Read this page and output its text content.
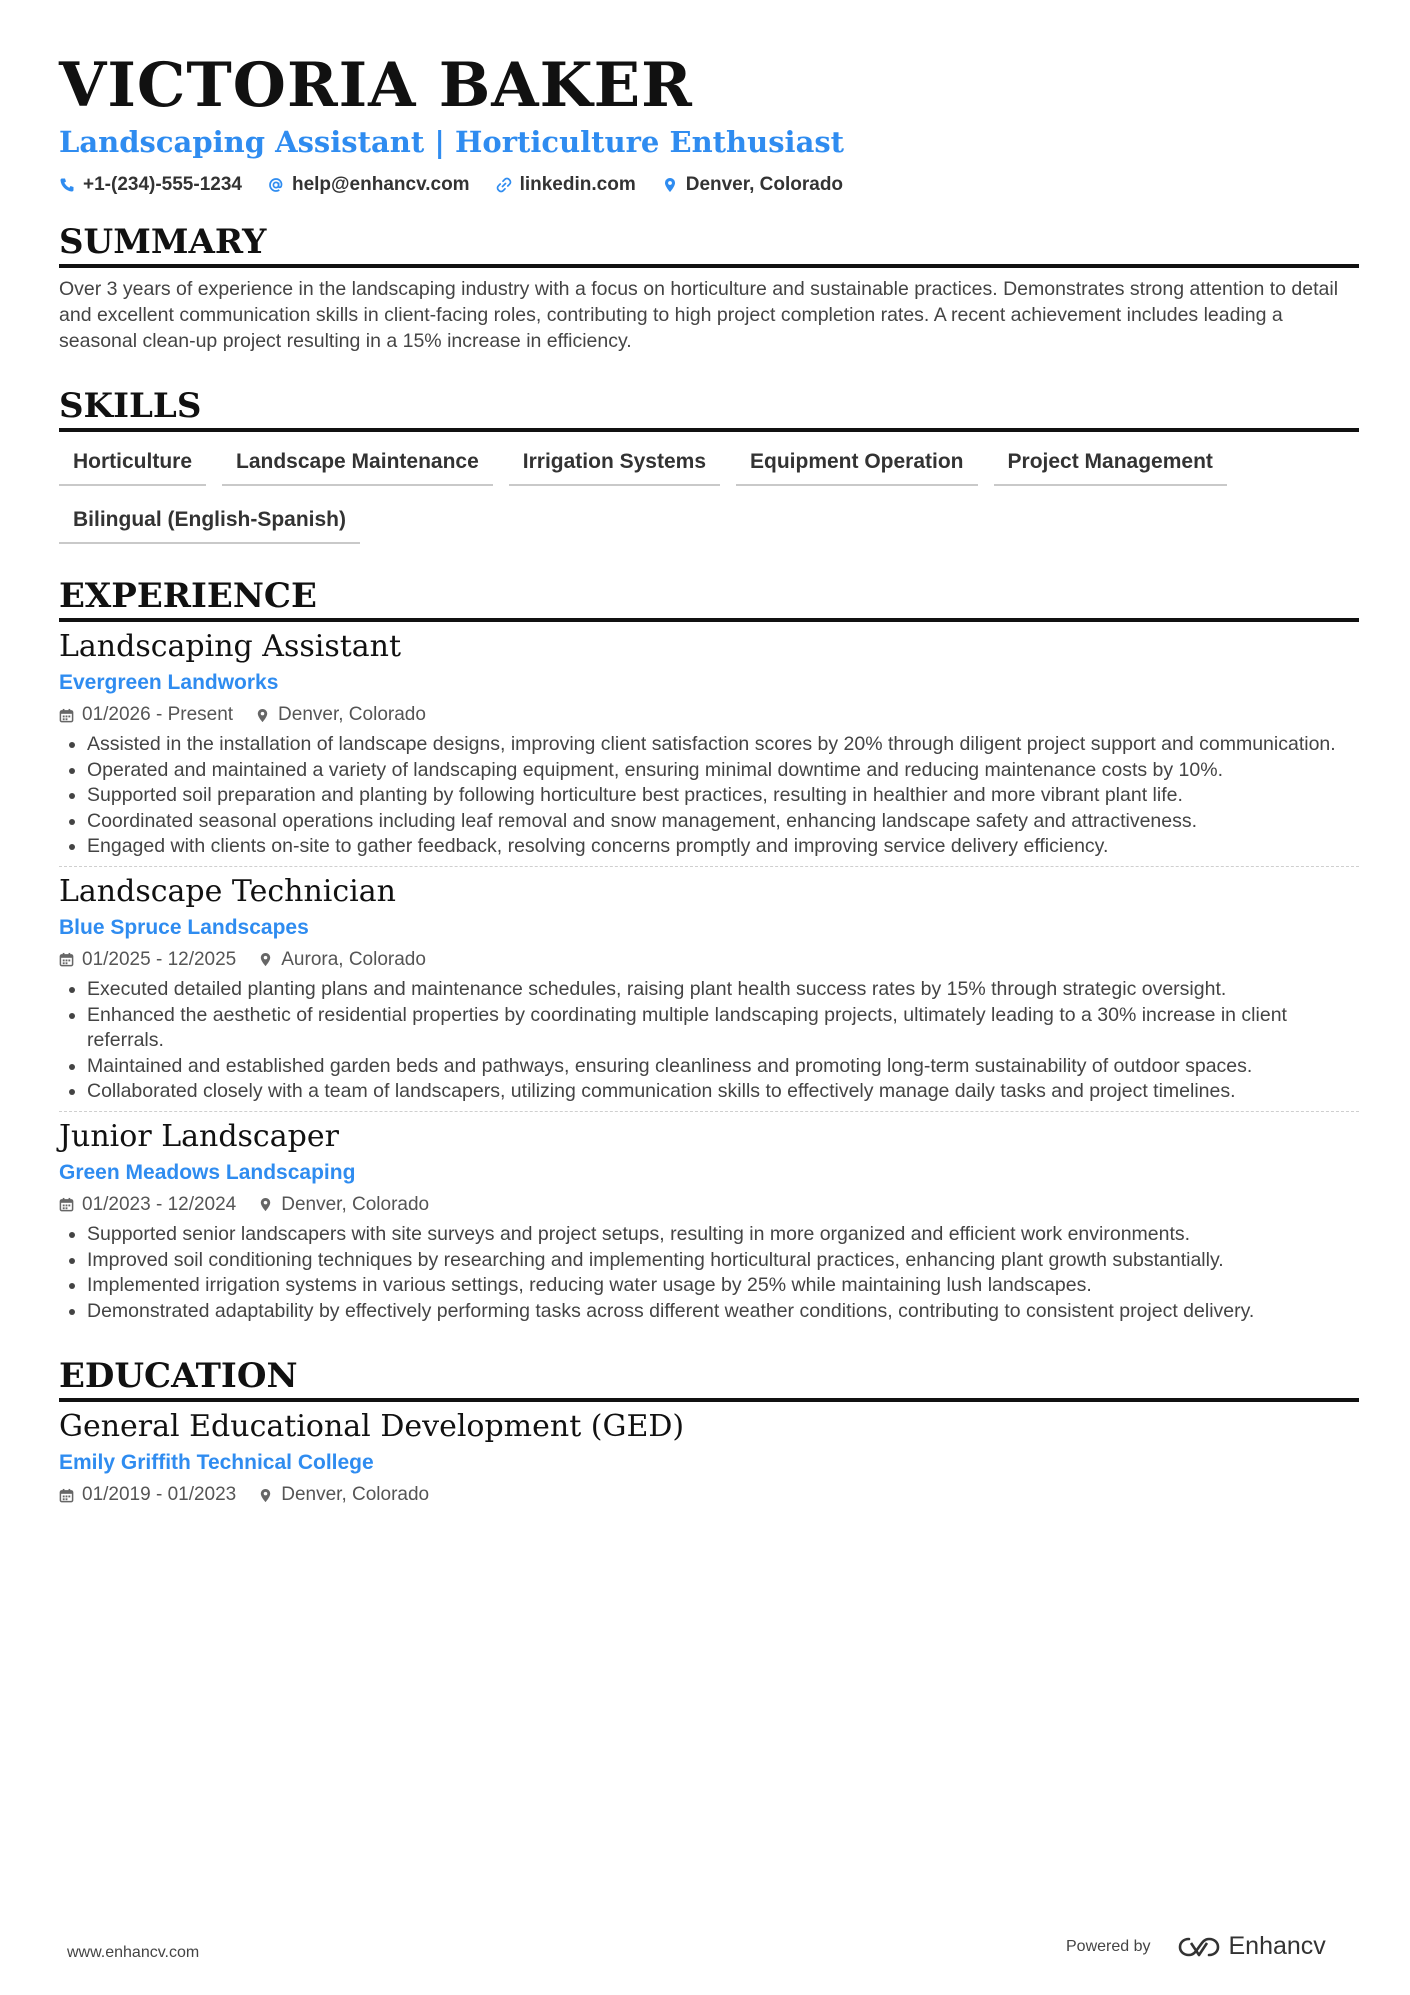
VICTORIA BAKER
Landscaping Assistant | Horticulture Enthusiast
+1-(234)-555-1234	help@enhancv.com	linkedin.com	Denver, Colorado
SUMMARY
Over 3 years of experience in the landscaping industry with a focus on horticulture and sustainable practices. Demonstrates strong attention to detail and excellent communication skills in client-facing roles, contributing to high project completion rates. A recent achievement includes leading a seasonal clean-up project resulting in a 15% increase in efficiency.
SKILLS
Horticulture	Landscape Maintenance	Irrigation Systems	Equipment Operation	Project Management
Bilingual (English-Spanish)
EXPERIENCE
Landscaping Assistant
Evergreen Landworks
01/2026 - Present Denver, Colorado
• Assisted in the installation of landscape designs, improving client satisfaction scores by 20% through diligent project support and communication.
• Operated and maintained a variety of landscaping equipment, ensuring minimal downtime and reducing maintenance costs by 10%.
• Supported soil preparation and planting by following horticulture best practices, resulting in healthier and more vibrant plant life.
• Coordinated seasonal operations including leaf removal and snow management, enhancing landscape safety and attractiveness.
• Engaged with clients on-site to gather feedback, resolving concerns promptly and improving service delivery efficiency.
Landscape Technician
Blue Spruce Landscapes
01/2025 - 12/2025 Aurora, Colorado
• Executed detailed planting plans and maintenance schedules, raising plant health success rates by 15% through strategic oversight.
• Enhanced the aesthetic of residential properties by coordinating multiple landscaping projects, ultimately leading to a 30% increase in client referrals.
• Maintained and established garden beds and pathways, ensuring cleanliness and promoting long-term sustainability of outdoor spaces.
• Collaborated closely with a team of landscapers, utilizing communication skills to effectively manage daily tasks and project timelines.
Junior Landscaper
Green Meadows Landscaping
01/2023 - 12/2024 Denver, Colorado
• Supported senior landscapers with site surveys and project setups, resulting in more organized and efficient work environments.
• Improved soil conditioning techniques by researching and implementing horticultural practices, enhancing plant growth substantially.
• Implemented irrigation systems in various settings, reducing water usage by 25% while maintaining lush landscapes.
• Demonstrated adaptability by effectively performing tasks across different weather conditions, contributing to consistent project delivery.
EDUCATION
General Educational Development (GED)
Emily Griffith Technical College
01/2019 - 01/2023 Denver, Colorado
www.enhancv.com	Powered by	Enhancv
